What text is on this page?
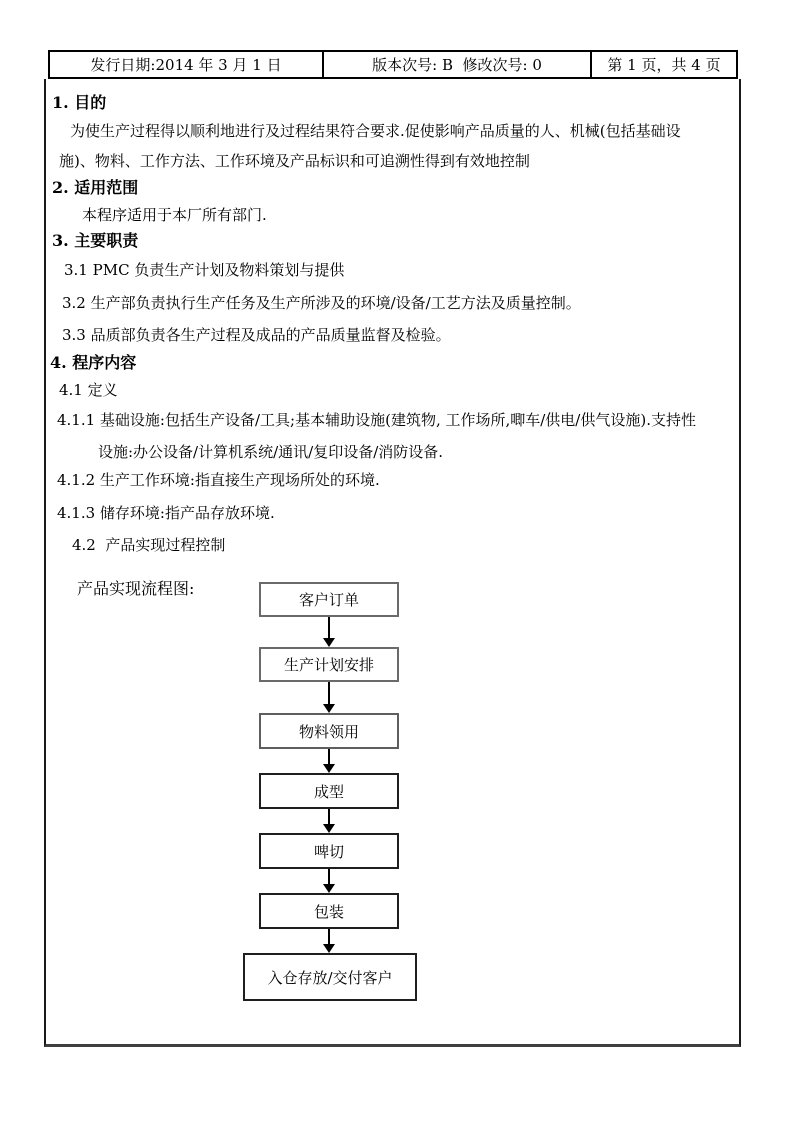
发行日期:2014 年 3 月 1 日	版本次号: B  修改次号: 0	第 1 页，共 4 页
1. 目的
为使生产过程得以顺利地进行及过程结果符合要求.促使影响产品质量的人、机械(包括基础设
施)、物料、工作方法、工作环境及产品标识和可追溯性得到有效地控制
2. 适用范围
本程序适用于本厂所有部门.
3. 主要职责
3.1 PMC 负责生产计划及物料策划与提供
3.2 生产部负责执行生产任务及生产所涉及的环境/设备/工艺方法及质量控制。
3.3 品质部负责各生产过程及成品的产品质量监督及检验。
4. 程序内容
4.1 定义
4.1.1 基础设施:包括生产设备/工具;基本辅助设施(建筑物, 工作场所,唧车/供电/供气设施).支持性
设施:办公设备/计算机系统/通讯/复印设备/消防设备.
4.1.2 生产工作环境:指直接生产现场所处的环境.
4.1.3 储存环境:指产品存放环境.
4.2  产品实现过程控制
产品实现流程图:
客户订单
生产计划安排
物料领用
成型
啤切
包装
入仓存放/交付客户
